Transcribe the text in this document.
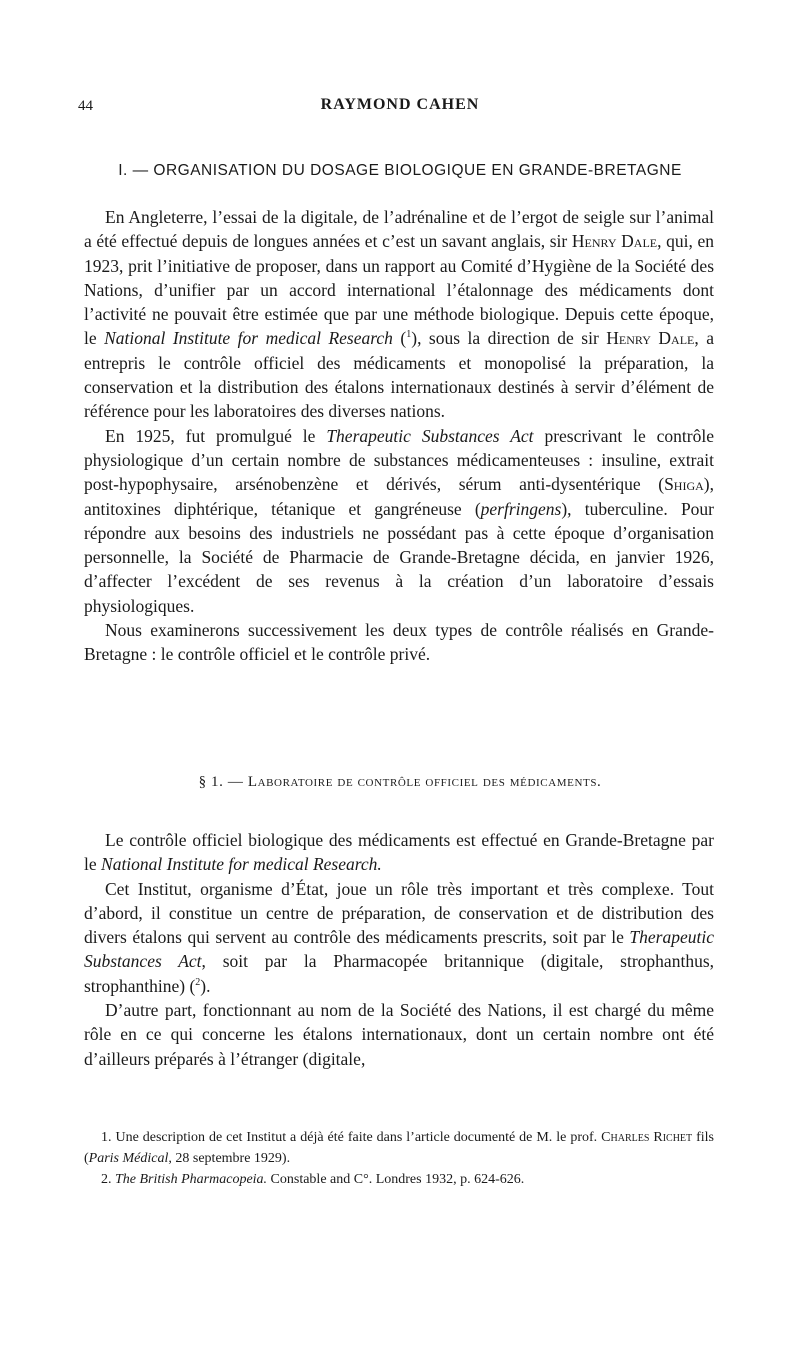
44	RAYMOND CAHEN
I. — ORGANISATION DU DOSAGE BIOLOGIQUE EN GRANDE-BRETAGNE

En Angleterre, l’essai de la digitale, de l’adrénaline et de l’ergot de seigle sur l’animal a été effectué depuis de longues années et c’est un savant anglais, sir Henry Dale, qui, en 1923, prit l’initiative de proposer, dans un rapport au Comité d’Hygiène de la Société des Nations, d’unifier par un accord international l’étalonnage des médicaments dont l’activité ne pouvait être estimée que par une méthode biologique. Depuis cette époque, le National Institute for medical Research ($^1$), sous la direction de sir Henry Dale, a entrepris le contrôle officiel des médicaments et monopolisé la préparation, la conservation et la distribution des étalons internationaux destinés à servir d’élément de référence pour les laboratoires des diverses nations.

En 1925, fut promulgué le Therapeutic Substances Act prescrivant le contrôle physiologique d’un certain nombre de substances médicamenteuses : insuline, extrait post-hypophysaire, arsénobenzène et dérivés, sérum anti-dysentérique (Shiga), antitoxines diphtérique, tétanique et gangréneuse (perfringens), tuberculine. Pour répondre aux besoins des industriels ne possédant pas à cette époque d’organisation personnelle, la Société de Pharmacie de Grande-Bretagne décida, en janvier 1926, d’affecter l’excédent de ses revenus à la création d’un laboratoire d’essais physiologiques.

Nous examinerons successivement les deux types de contrôle réalisés en Grande-Bretagne : le contrôle officiel et le contrôle privé.

§ 1. — Laboratoire de contrôle officiel des médicaments.

Le contrôle officiel biologique des médicaments est effectué en Grande-Bretagne par le National Institute for medical Research.

Cet Institut, organisme d’État, joue un rôle très important et très complexe. Tout d’abord, il constitue un centre de préparation, de conservation et de distribution des divers étalons qui servent au contrôle des médicaments prescrits, soit par le Therapeutic Substances Act, soit par la Pharmacopée britannique (digitale, strophanthus, strophanthine) ($^2$).

D’autre part, fonctionnant au nom de la Société des Nations, il est chargé du même rôle en ce qui concerne les étalons internationaux, dont un certain nombre ont été d’ailleurs préparés à l’étranger (digitale,

1. Une description de cet Institut a déjà été faite dans l’article documenté de M. le prof. Charles Richet fils (Paris Médical, 28 septembre 1929).

2. The British Pharmacopeia. Constable and C°. Londres 1932, p. 624-626.
